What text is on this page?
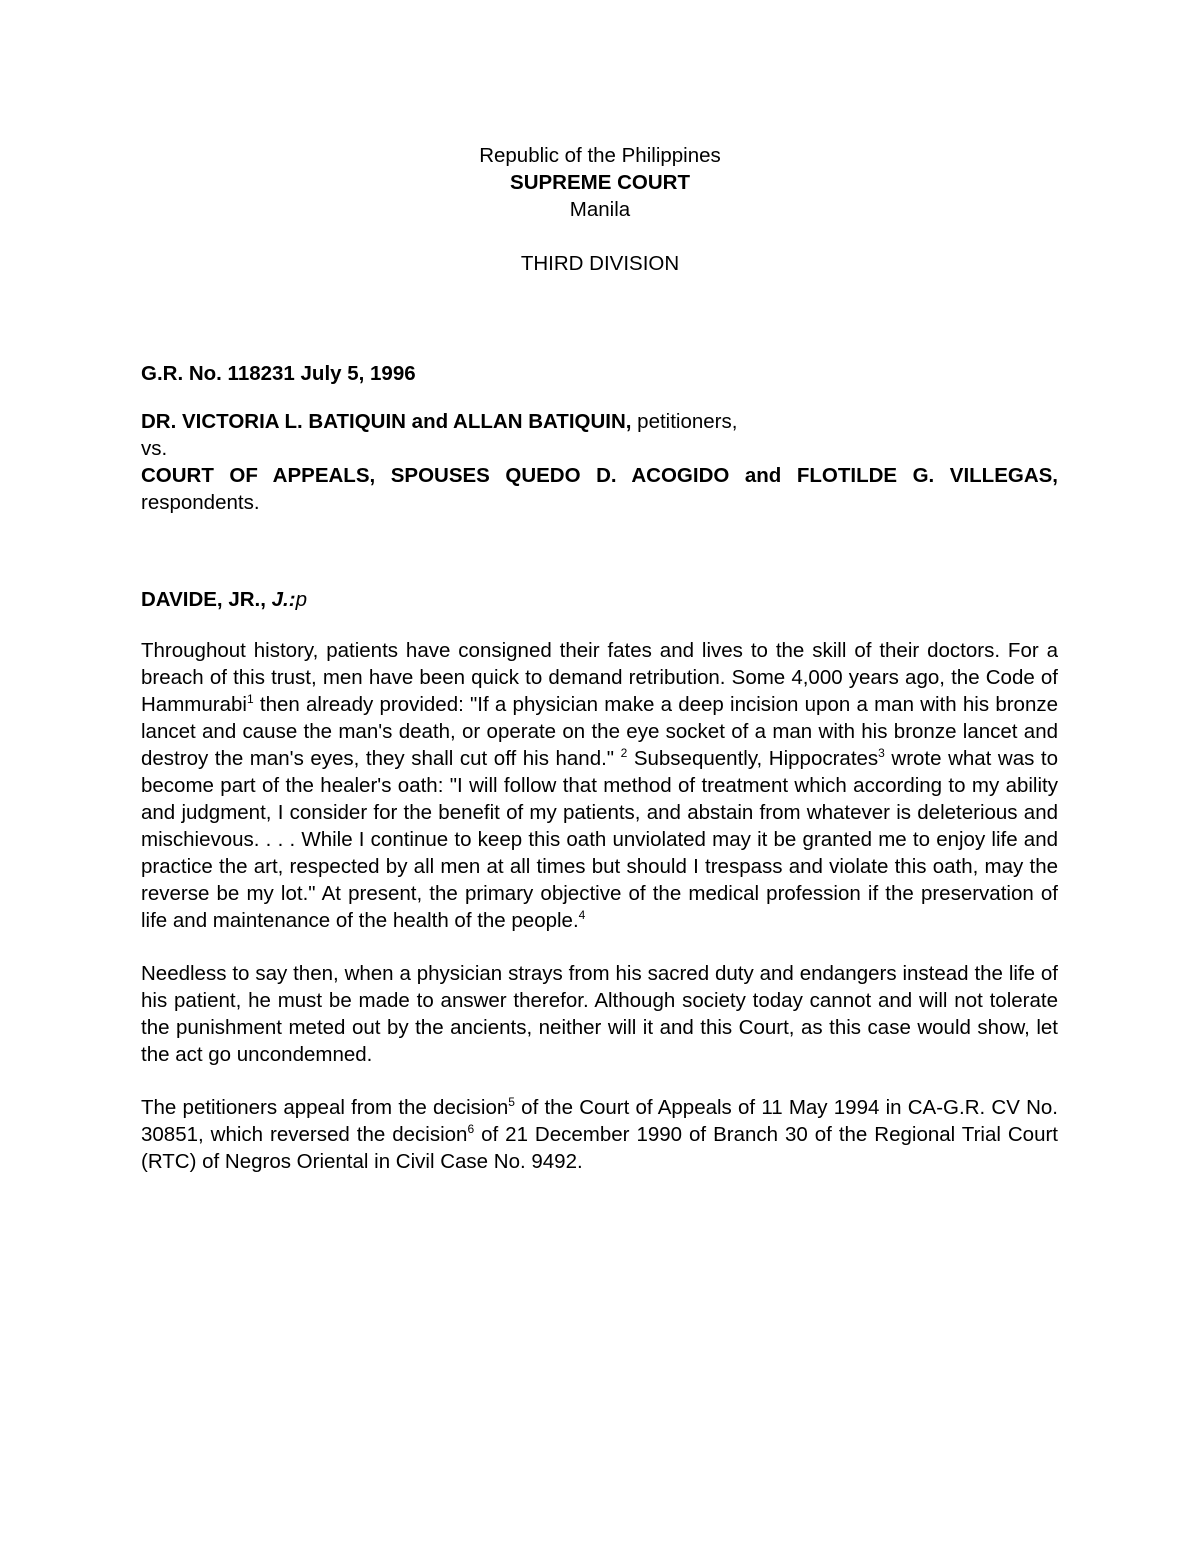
Republic of the Philippines
SUPREME COURT
Manila
THIRD DIVISION

G.R. No. 118231 July 5, 1996

DR. VICTORIA L. BATIQUIN and ALLAN BATIQUIN, petitioners,

vs.

COURT OF APPEALS, SPOUSES QUEDO D. ACOGIDO and FLOTILDE G. VILLEGAS, respondents.

DAVIDE, JR., J.:p

Throughout history, patients have consigned their fates and lives to the skill of their doctors. For a breach of this trust, men have been quick to demand retribution. Some 4,000 years ago, the Code of Hammurabi$^1$ then already provided: "If a physician make a deep incision upon a man with his bronze lancet and cause the man's death, or operate on the eye socket of a man with his bronze lancet and destroy the man's eyes, they shall cut off his hand." $^2$ Subsequently, Hippocrates$^3$ wrote what was to become part of the healer's oath: "I will follow that method of treatment which according to my ability and judgment, I consider for the benefit of my patients, and abstain from whatever is deleterious and mischievous. . . . While I continue to keep this oath unviolated may it be granted me to enjoy life and practice the art, respected by all men at all times but should I trespass and violate this oath, may the reverse be my lot." At present, the primary objective of the medical profession if the preservation of life and maintenance of the health of the people.$^4$

Needless to say then, when a physician strays from his sacred duty and endangers instead the life of his patient, he must be made to answer therefor. Although society today cannot and will not tolerate the punishment meted out by the ancients, neither will it and this Court, as this case would show, let the act go uncondemned.

The petitioners appeal from the decision$^5$ of the Court of Appeals of 11 May 1994 in CA-G.R. CV No. 30851, which reversed the decision$^6$ of 21 December 1990 of Branch 30 of the Regional Trial Court (RTC) of Negros Oriental in Civil Case No. 9492.
